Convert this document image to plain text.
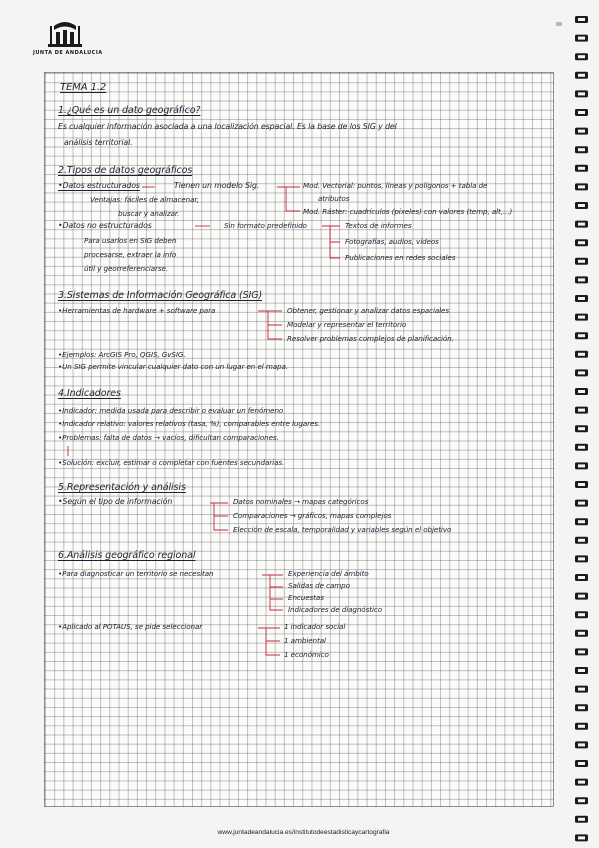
JUNTA DE ANDALUCIA
TEMA 1.2
1.¿Qué es un dato geográfico?
Es cualquier información asociada a una localización espacial. Es la base de los SIG y del
análisis territorial.
2.Tipos de datos geográficos
•Datos estructurados	Tienen un modelo Sig.	Mod. Vectorial: puntos, líneas y polígonos + tabla de
atributos
Mod. Ráster: cuadrículos (píxeles) con valores (temp, alt,...)
Ventajas: fáciles de almacenar,
buscar y analizar.
•Datos no estructurados	Sin formato predefinido
Para usarlos en SIG deben
procesarse, extraer la info
útil y georreferenciarse.
Textos de informes
Fotografías, audios, vídeos
Publicaciones en redes sociales
3.Sistemas de Información Geográfica (SIG)
•Herramientas de hardware + software para	Obtener, gestionar y analizar datos espaciales
Modelar y representar el territorio
Resolver problemas complejos de planificación.
•Ejemplos: ArcGIS Pro, QGIS, GvSIG.
•Un SIG permite vincular cualquier dato con un lugar en el mapa.
4.Indicadores
•Indicador: medida usada para describir o evaluar un fenómeno
•Indicador relativo: valores relativos (tasa, %), comparables entre lugares.
•Problemas: falta de datos → vacíos, dificultan comparaciones.
•Solución: excluir, estimar o completar con fuentes secundarias.
5.Representación y análisis
•Según el tipo de información	Datos nominales → mapas categóricos
Comparaciones → gráficos, mapas complejos
Elección de escala, temporalidad y variables según el objetivo
6.Análisis geográfico regional
•Para diagnosticar un territorio se necesitan	Experiencia del ámbito
Salidas de campo
Encuestas
Indicadores de diagnóstico
•Aplicado al POTAUS, se pide seleccionar	1 indicador social
1 ambiental
1 económico
www.juntadeandalucia.es/institutodeestadisticaycartografia
